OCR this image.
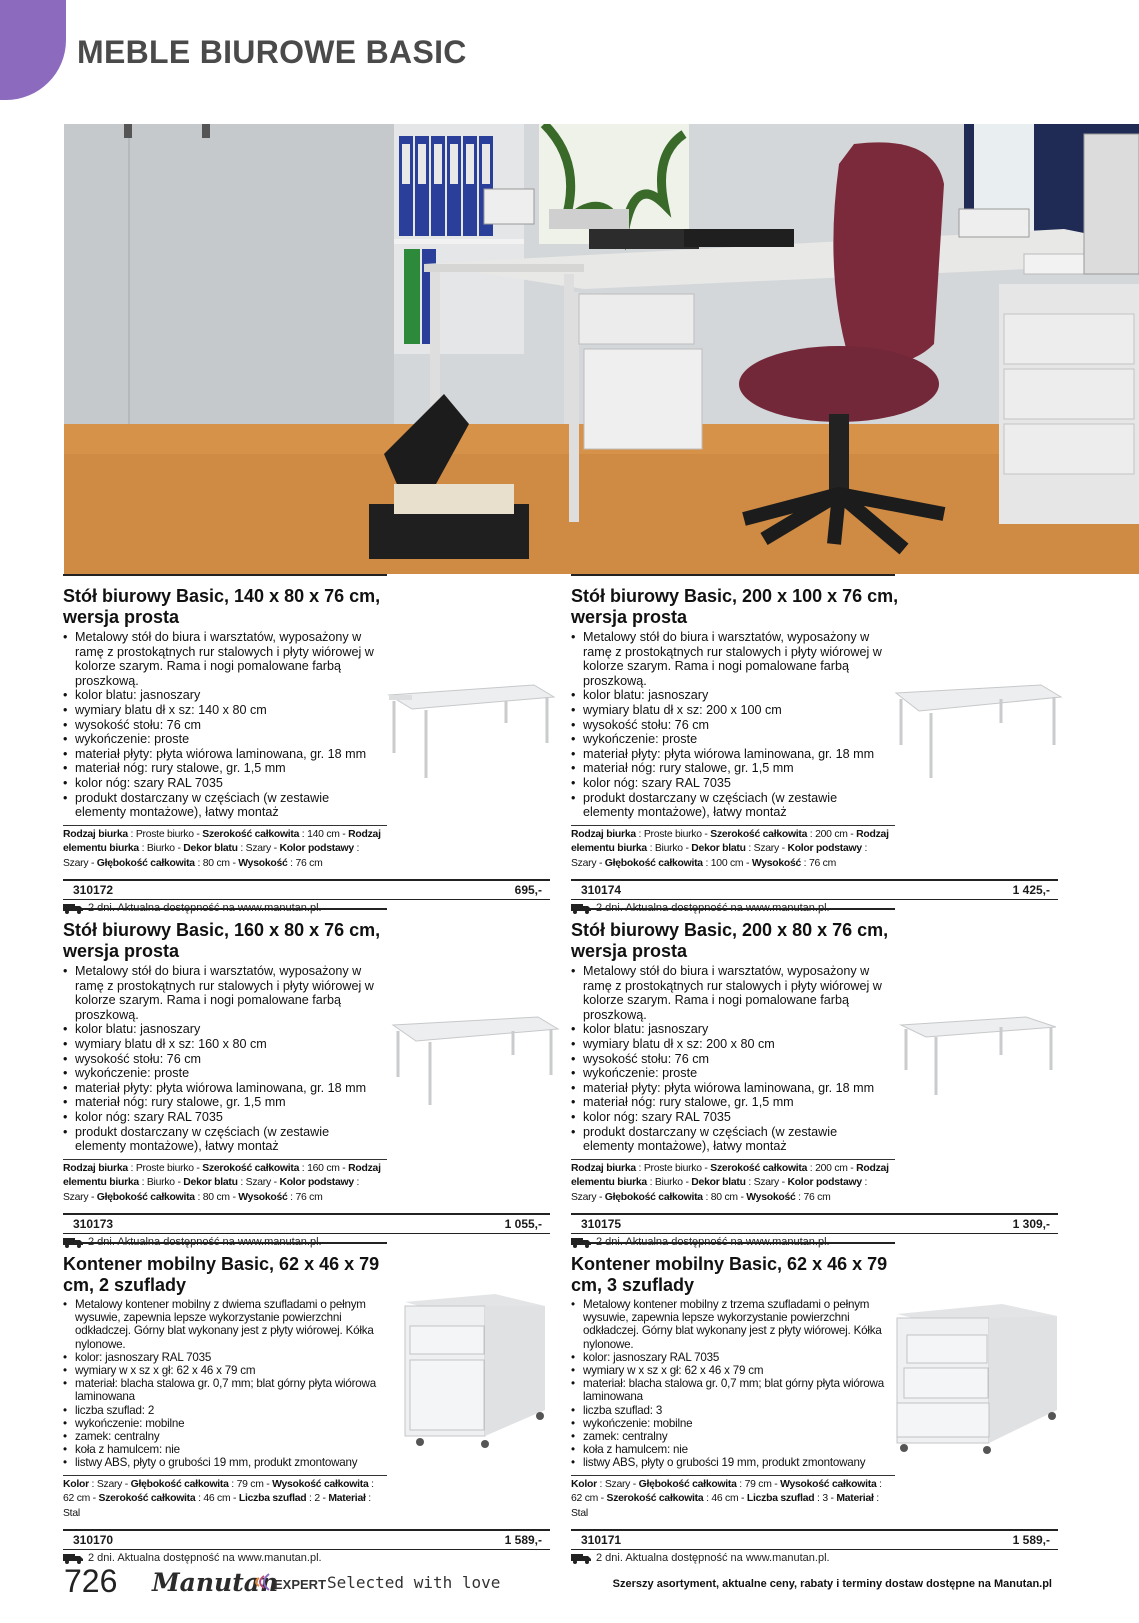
MEBLE BIUROWE BASIC
Stół biurowy Basic, 140 x 80 x 76 cm, wersja prosta
• Metalowy stół do biura i warsztatów, wyposażony w ramę z prostokątnych rur stalowych i płyty wiórowej w kolorze szarym. Rama i nogi pomalowane farbą proszkową.
• kolor blatu: jasnoszary
• wymiary blatu dł x sz: 140 x 80 cm
• wysokość stołu: 76 cm
• wykończenie: proste
• materiał płyty: płyta wiórowa laminowana, gr. 18 mm
• materiał nóg: rury stalowe, gr. 1,5 mm
• kolor nóg: szary RAL 7035
• produkt dostarczany w częściach (w zestawie elementy montażowe), łatwy montaż
Rodzaj biurka : Proste biurko - Szerokość całkowita : 140 cm - Rodzaj elementu biurka : Biurko - Dekor blatu : Szary - Kolor podstawy : Szary - Głębokość całkowita : 80 cm - Wysokość : 76 cm
310172	695,-
Stół biurowy Basic, 200 x 100 x 76 cm, wersja prosta
• Metalowy stół do biura i warsztatów, wyposażony w ramę z prostokątnych rur stalowych i płyty wiórowej w kolorze szarym. Rama i nogi pomalowane farbą proszkową.
• kolor blatu: jasnoszary
• wymiary blatu dł x sz: 200 x 100 cm
• wysokość stołu: 76 cm
• wykończenie: proste
• materiał płyty: płyta wiórowa laminowana, gr. 18 mm
• materiał nóg: rury stalowe, gr. 1,5 mm
• kolor nóg: szary RAL 7035
• produkt dostarczany w częściach (w zestawie elementy montażowe), łatwy montaż
Rodzaj biurka : Proste biurko - Szerokość całkowita : 200 cm - Rodzaj elementu biurka : Biurko - Dekor blatu : Szary - Kolor podstawy : Szary - Głębokość całkowita : 100 cm - Wysokość : 76 cm
310174	1 425,-
Stół biurowy Basic, 160 x 80 x 76 cm, wersja prosta
• Metalowy stół do biura i warsztatów, wyposażony w ramę z prostokątnych rur stalowych i płyty wiórowej w kolorze szarym. Rama i nogi pomalowane farbą proszkową.
• kolor blatu: jasnoszary
• wymiary blatu dł x sz: 160 x 80 cm
• wysokość stołu: 76 cm
• wykończenie: proste
• materiał płyty: płyta wiórowa laminowana, gr. 18 mm
• materiał nóg: rury stalowe, gr. 1,5 mm
• kolor nóg: szary RAL 7035
• produkt dostarczany w częściach (w zestawie elementy montażowe), łatwy montaż
Rodzaj biurka : Proste biurko - Szerokość całkowita : 160 cm - Rodzaj elementu biurka : Biurko - Dekor blatu : Szary - Kolor podstawy : Szary - Głębokość całkowita : 80 cm - Wysokość : 76 cm
310173	1 055,-
Stół biurowy Basic, 200 x 80 x 76 cm, wersja prosta
• Metalowy stół do biura i warsztatów, wyposażony w ramę z prostokątnych rur stalowych i płyty wiórowej w kolorze szarym. Rama i nogi pomalowane farbą proszkową.
• kolor blatu: jasnoszary
• wymiary blatu dł x sz: 200 x 80 cm
• wysokość stołu: 76 cm
• wykończenie: proste
• materiał płyty: płyta wiórowa laminowana, gr. 18 mm
• materiał nóg: rury stalowe, gr. 1,5 mm
• kolor nóg: szary RAL 7035
• produkt dostarczany w częściach (w zestawie elementy montażowe), łatwy montaż
Rodzaj biurka : Proste biurko - Szerokość całkowita : 200 cm - Rodzaj elementu biurka : Biurko - Dekor blatu : Szary - Kolor podstawy : Szary - Głębokość całkowita : 80 cm - Wysokość : 76 cm
310175	1 309,-
Kontener mobilny Basic, 62 x 46 x 79 cm, 2 szuflady
• Metalowy kontener mobilny z dwiema szufladami o pełnym wysuwie, zapewnia lepsze wykorzystanie powierzchni odkładczej. Górny blat wykonany jest z płyty wiórowej. Kółka nylonowe.
• kolor: jasnoszary RAL 7035
• wymiary w x sz x gł: 62 x 46 x 79 cm
• materiał: blacha stalowa gr. 0,7 mm; blat górny płyta wiórowa laminowana
• liczba szuflad: 2
• wykończenie: mobilne
• zamek: centralny
• koła z hamulcem: nie
• listwy ABS, płyty o grubości 19 mm, produkt zmontowany
Kolor : Szary - Głębokość całkowita : 79 cm - Wysokość całkowita : 62 cm - Szerokość całkowita : 46 cm - Liczba szuflad : 2 - Materiał : Stal
310170	1 589,-
2 dni. Aktualna dostępność na www.manutan.pl.
Kontener mobilny Basic, 62 x 46 x 79 cm, 3 szuflady
• Metalowy kontener mobilny z trzema szufladami o pełnym wysuwie, zapewnia lepsze wykorzystanie powierzchni odkładczej. Górny blat wykonany jest z płyty wiórowej. Kółka nylonowe.
• kolor: jasnoszary RAL 7035
• wymiary w x sz x gł: 62 x 46 x 79 cm
• materiał: blacha stalowa gr. 0,7 mm; blat górny płyta wiórowa laminowana
• liczba szuflad: 3
• wykończenie: mobilne
• zamek: centralny
• koła z hamulcem: nie
• listwy ABS, płyty o grubości 19 mm, produkt zmontowany
Kolor : Szary - Głębokość całkowita : 79 cm - Wysokość całkowita : 62 cm - Szerokość całkowita : 46 cm - Liczba szuflad : 3 - Materiał : Stal
310171	1 589,-
2 dni. Aktualna dostępność na www.manutan.pl.
726 Manutan
EXPERT Selected with love	Szerszy asortyment, aktualne ceny, rabaty i terminy dostaw dostępne na Manutan.pl
